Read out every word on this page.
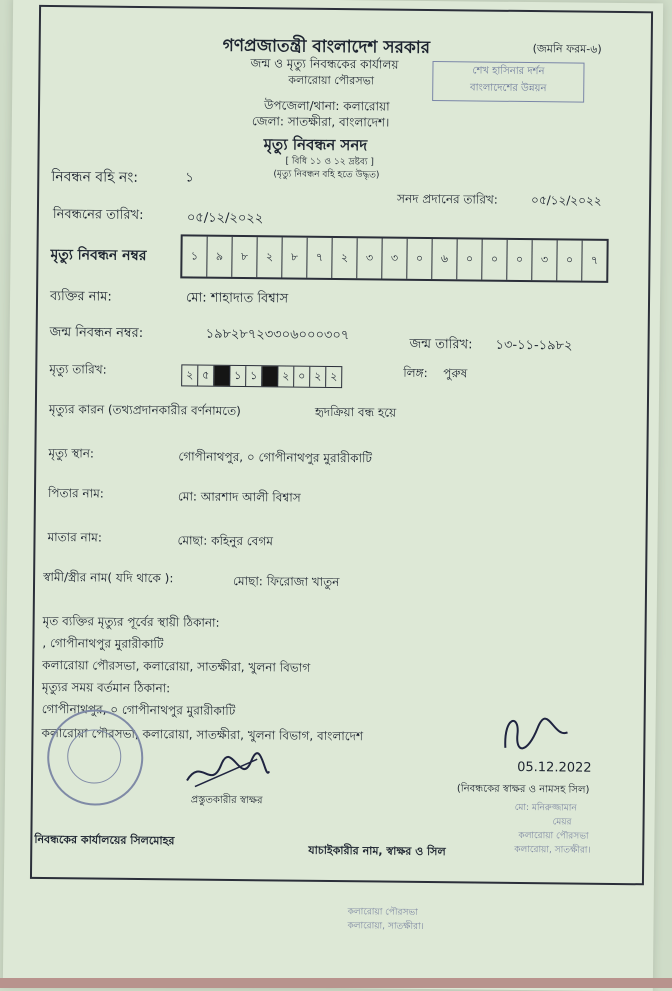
গণপ্রজাতন্ত্রী বাংলাদেশ সরকার	(জমনি ফরম-৬)
জন্ম ও মৃত্যু নিবন্ধকের কার্যালয়
কলারোয়া পৌরসভা
শেখ হাসিনার দর্শন
বাংলাদেশের উন্নয়ন
উপজেলা/থানা: কলারোয়া
জেলা: সাতক্ষীরা, বাংলাদেশ।
মৃত্যু নিবন্ধন সনদ
[ বিধি ১১ ও ১২ দ্রষ্টব্য ]
(মৃত্যু নিবন্ধন বহি হতে উদ্ধৃত)
নিবন্ধন বহি নং:	১
সনদ প্রদানের তারিখ:	০৫/১২/২০২২
নিবন্ধনের তারিখ:	০৫/১২/২০২২
মৃত্যু নিবন্ধন নম্বর	১	৯	৮	২	৮	৭	২	৩	৩	০	৬	০	০	০	৩	০	৭
ব্যক্তির নাম:	মো: শাহাদাত বিশ্বাস
জন্ম নিবন্ধন নম্বর:	১৯৮২৮৭২৩৩০৬০০০৩০৭
জন্ম তারিখ: ১৩-১১-১৯৮২
মৃত্যু তারিখ:	২ ৫	১ ১	২ ০ ২ ২	লিঙ্গ: পুরুষ
মৃত্যুর কারন (তথ্যপ্রদানকারীর বর্ণনামতে)	হৃদক্রিয়া বন্ধ হয়ে
মৃত্যু স্থান:	গোপীনাথপুর, ০ গোপীনাথপুর মুরারীকাটি
পিতার নাম:	মো: আরশাদ আলী বিশ্বাস
মাতার নাম:	মোছা: কহিনুর বেগম
স্বামী/স্ত্রীর নাম( যদি থাকে ):	মোছা: ফিরোজা খাতুন
মৃত ব্যক্তির মৃত্যুর পূর্বের স্থায়ী ঠিকানা:
, গোপীনাথপুর মুরারীকাটি
কলারোয়া পৌরসভা, কলারোয়া, সাতক্ষীরা, খুলনা বিভাগ
মৃত্যুর সময় বর্তমান ঠিকানা:
গোপীনাথপুর, ০ গোপীনাথপুর মুরারীকাটি
কলারোয়া পৌরসভা, কলারোয়া, সাতক্ষীরা, খুলনা বিভাগ, বাংলাদেশ
প্রস্তুতকারীর স্বাক্ষর
05.12.2022
(নিবন্ধকের স্বাক্ষর ও নামসহ সিল)
মো: মনিরুজ্জামান
মেয়র
কলারোয়া পৌরসভা
কলারোয়া, সাতক্ষীরা।
নিবন্ধকের কার্যালয়ের সিলমোহর
যাচাইকারীর নাম, স্বাক্ষর ও সিল
কলারোয়া পৌরসভা
কলারোয়া, সাতক্ষীরা।
